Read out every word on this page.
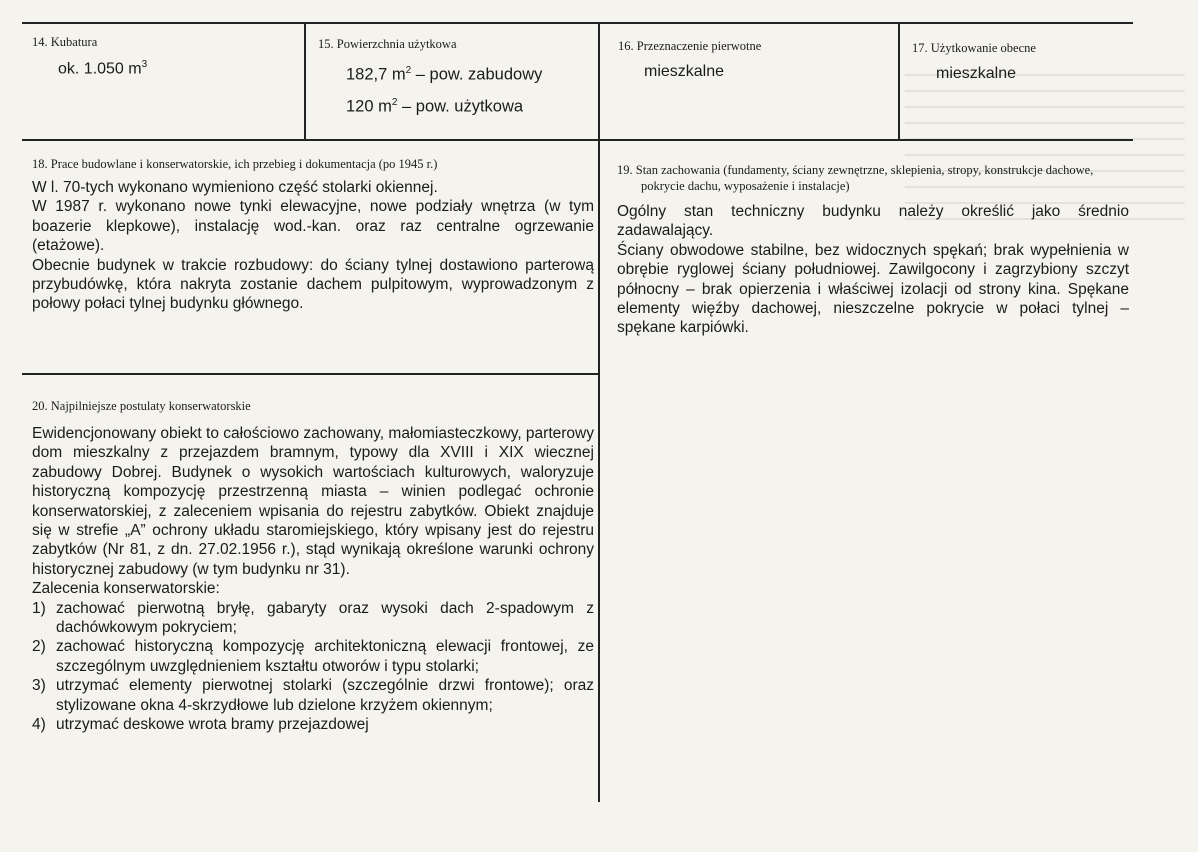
14. Kubatura
ok. 1.050 $m^3$
15. Powierzchnia użytkowa
182,7 $m^2$ – pow. zabudowy
120 $m^2$ – pow. użytkowa
16. Przeznaczenie pierwotne
mieszkalne
17. Użytkowanie obecne
mieszkalne
18. Prace budowlane i konserwatorskie, ich przebieg i dokumentacja (po 1945 r.)

W l. 70-tych wykonano wymieniono część stolarki okiennej.

W 1987 r. wykonano nowe tynki elewacyjne, nowe podziały wnętrza (w tym boazerie klepkowe), instalację wod.-kan. oraz raz centralne ogrzewanie (etażowe).

Obecnie budynek w trakcie rozbudowy: do ściany tylnej dostawiono parterową przybudówkę, która nakryta zostanie dachem pulpitowym, wyprowadzonym z połowy połaci tylnej budynku głównego.

19. Stan zachowania (fundamenty, ściany zewnętrzne, sklepienia, stropy, konstrukcje dachowe, pokrycie dachu, wyposażenie i instalacje)

Ogólny stan techniczny budynku należy określić jako średnio zadawalający.

Ściany obwodowe stabilne, bez widocznych spękań; brak wypełnienia w obrębie ryglowej ściany południowej. Zawilgocony i zagrzybiony szczyt północny – brak opierzenia i właściwej izolacji od strony kina. Spękane elementy więźby dachowej, nieszczelne pokrycie w połaci tylnej – spękane karpiówki.

20. Najpilniejsze postulaty konserwatorskie

Ewidencjonowany obiekt to całościowo zachowany, małomiasteczkowy, parterowy dom mieszkalny z przejazdem bramnym, typowy dla XVIII i XIX wiecznej zabudowy Dobrej. Budynek o wysokich wartościach kulturowych, waloryzuje historyczną kompozycję przestrzenną miasta – winien podlegać ochronie konserwatorskiej, z zaleceniem wpisania do rejestru zabytków. Obiekt znajduje się w strefie „A” ochrony układu staromiejskiego, który wpisany jest do rejestru zabytków (Nr 81, z dn. 27.02.1956 r.), stąd wynikają określone warunki ochrony historycznej zabudowy (w tym budynku nr 31).

Zalecenia konserwatorskie:

1) zachować pierwotną bryłę, gabaryty oraz wysoki dach 2-spadowym z dachówkowym pokryciem;
2) zachować historyczną kompozycję architektoniczną elewacji frontowej, ze szczególnym uwzględnieniem kształtu otworów i typu stolarki;
3) utrzymać elementy pierwotnej stolarki (szczególnie drzwi frontowe); oraz stylizowane okna 4-skrzydłowe lub dzielone krzyżem okiennym;
4) utrzymać deskowe wrota bramy przejazdowej
